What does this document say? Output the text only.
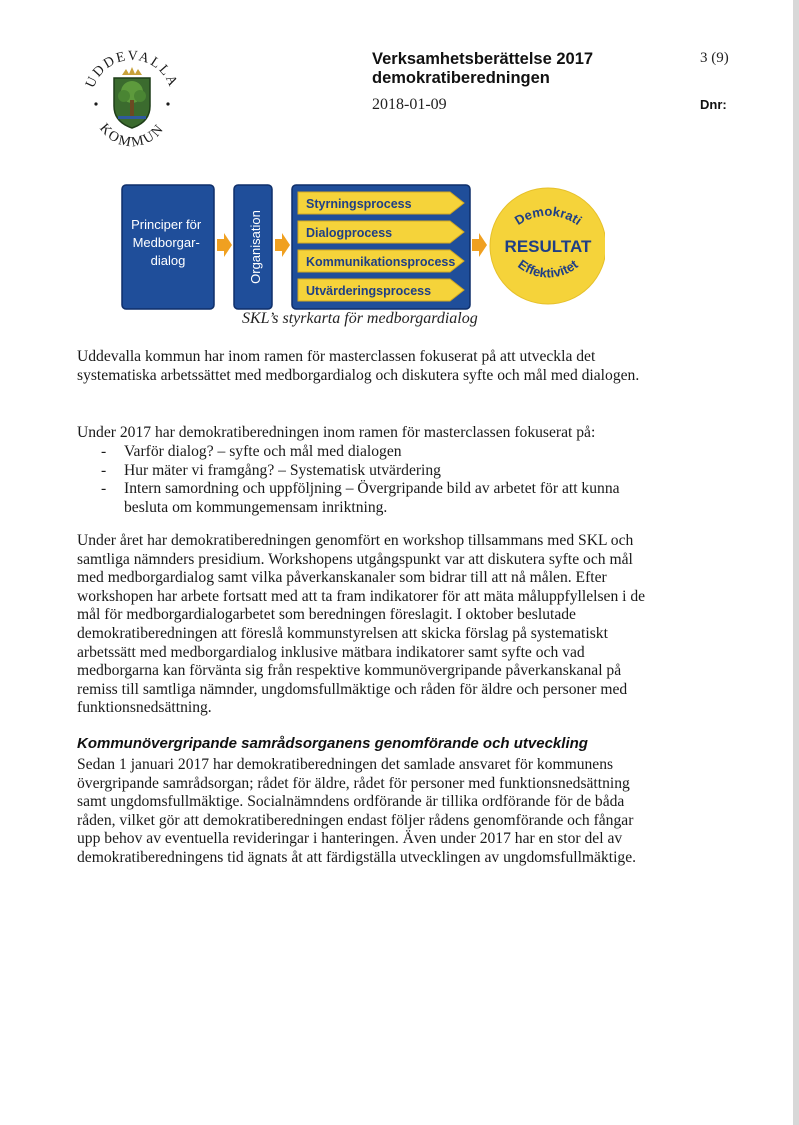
UDDEVALLA
KOMMUN
Verksamhetsberättelse 2017
demokratiberedningen
2018-01-09
3 (9)
Dnr:
Principer för Medborgar- dialog	Organisation
Styrningsprocess
Dialogprocess
Kommunikationsprocess
Utvärderingsprocess
Demokrati
RESULTAT
Effektivitet
SKL’s styrkarta för medborgardialog

Uddevalla kommun har inom ramen för masterclassen fokuserat på att utveckla det systematiska arbetssättet med medborgardialog och diskutera syfte och mål med dialogen.

Under 2017 har demokratiberedningen inom ramen för masterclassen fokuserat på:

- Varför dialog? – syfte och mål med dialogen
- Hur mäter vi framgång? – Systematisk utvärdering
- Intern samordning och uppföljning – Övergripande bild av arbetet för att kunna besluta om kommungemensam inriktning.

Under året har demokratiberedningen genomfört en workshop tillsammans med SKL och samtliga nämnders presidium. Workshopens utgångspunkt var att diskutera syfte och mål med medborgardialog samt vilka påverkanskanaler som bidrar till att nå målen. Efter workshopen har arbete fortsatt med att ta fram indikatorer för att mäta måluppfyllelsen i de mål för medborgardialogarbetet som beredningen föreslagit. I oktober beslutade demokratiberedningen att föreslå kommunstyrelsen att skicka förslag på systematiskt arbetssätt med medborgardialog inklusive mätbara indikatorer samt syfte och vad medborgarna kan förvänta sig från respektive kommunövergripande påverkanskanal på remiss till samtliga nämnder, ungdomsfullmäktige och råden för äldre och personer med funktionsnedsättning.

Kommunövergripande samrådsorganens genomförande och utveckling

Sedan 1 januari 2017 har demokratiberedningen det samlade ansvaret för kommunens övergripande samrådsorgan; rådet för äldre, rådet för personer med funktionsnedsättning samt ungdomsfullmäktige. Socialnämndens ordförande är tillika ordförande för de båda råden, vilket gör att demokratiberedningen endast följer rådens genomförande och fångar upp behov av eventuella revideringar i hanteringen. Även under 2017 har en stor del av demokratiberedningens tid ägnats åt att färdigställa utvecklingen av ungdomsfullmäktige.
